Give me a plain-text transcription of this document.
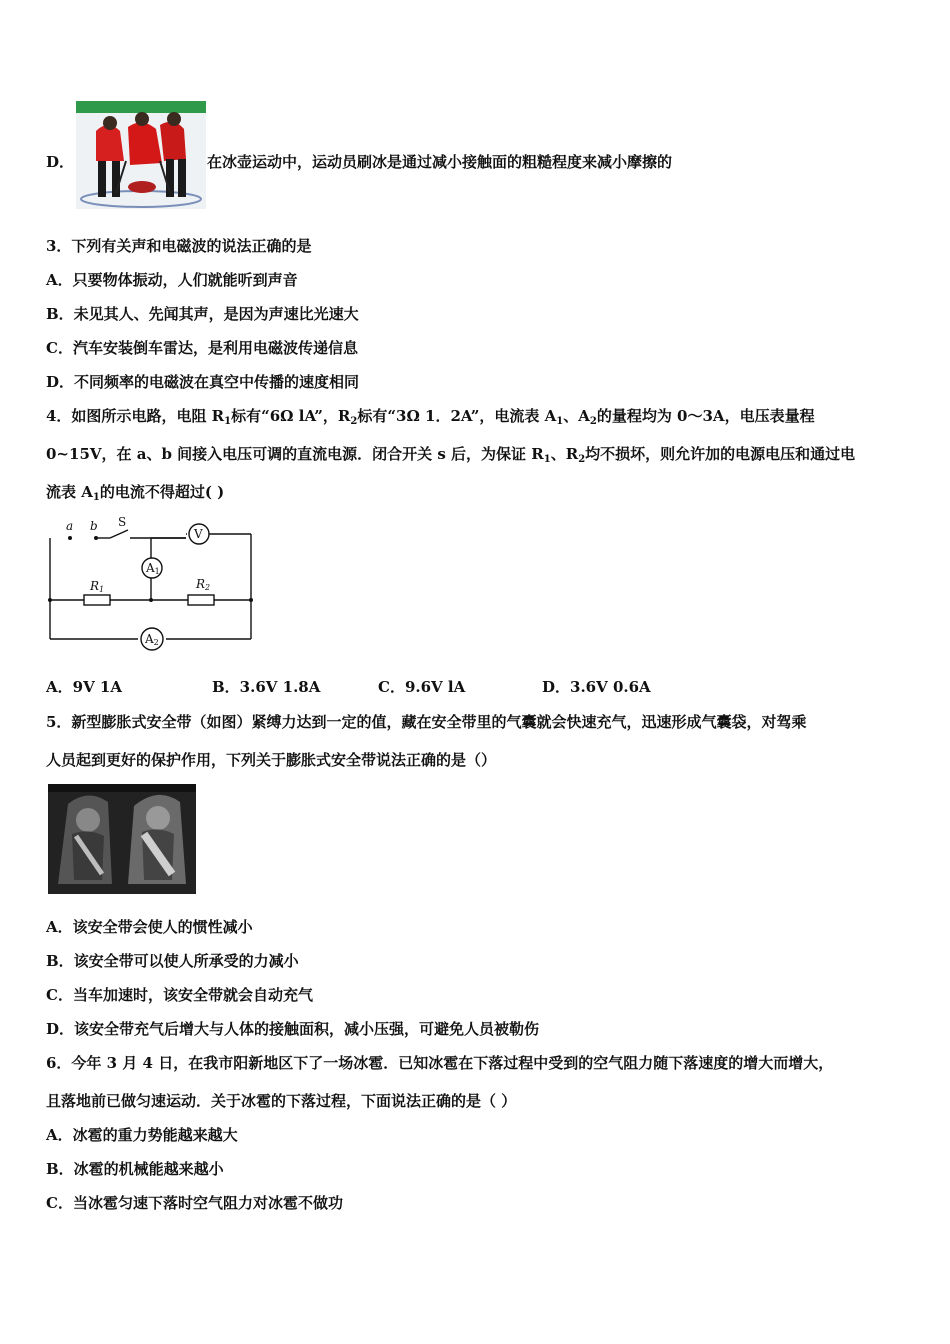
D．	在冰壶运动中，运动员刷冰是通过减小接触面的粗糙程度来减小摩擦的
3．下列有关声和电磁波的说法正确的是
A．只要物体振动，人们就能听到声音
B．未见其人、先闻其声，是因为声速比光速大
C．汽车安装倒车雷达，是利用电磁波传递信息
D．不同频率的电磁波在真空中传播的速度相同
4．如图所示电路，电阻 $R_1$标有“6Ω lA”，$R_2$标有“3Ω 1．2A”，电流表 $A_1$、$A_2$的量程均为 0～3A，电压表量程
0~15V，在 a、b 间接入电压可调的直流电源．闭合开关 s 后，为保证 $R_1$、$R_2$均不损坏，则允许加的电源电压和通过电
流表 $A_1$的电流不得超过( )
a b S
V
A1
A2
R1	R2
A．9V 1A	B．3.6V 1.8A	C．9.6V lA	D．3.6V 0.6A
5．新型膨胀式安全带（如图）紧缚力达到一定的值，藏在安全带里的气囊就会快速充气，迅速形成气囊袋，对驾乘
人员起到更好的保护作用，下列关于膨胀式安全带说法正确的是（）
A．该安全带会使人的惯性减小
B．该安全带可以使人所承受的力减小
C．当车加速时，该安全带就会自动充气
D．该安全带充气后增大与人体的接触面积，减小压强，可避免人员被勒伤
6．今年 3 月 4 日，在我市阳新地区下了一场冰雹．已知冰雹在下落过程中受到的空气阻力随下落速度的增大而增大，
且落地前已做匀速运动．关于冰雹的下落过程，下面说法正确的是（ ）
A．冰雹的重力势能越来越大
B．冰雹的机械能越来越小
C．当冰雹匀速下落时空气阻力对冰雹不做功
